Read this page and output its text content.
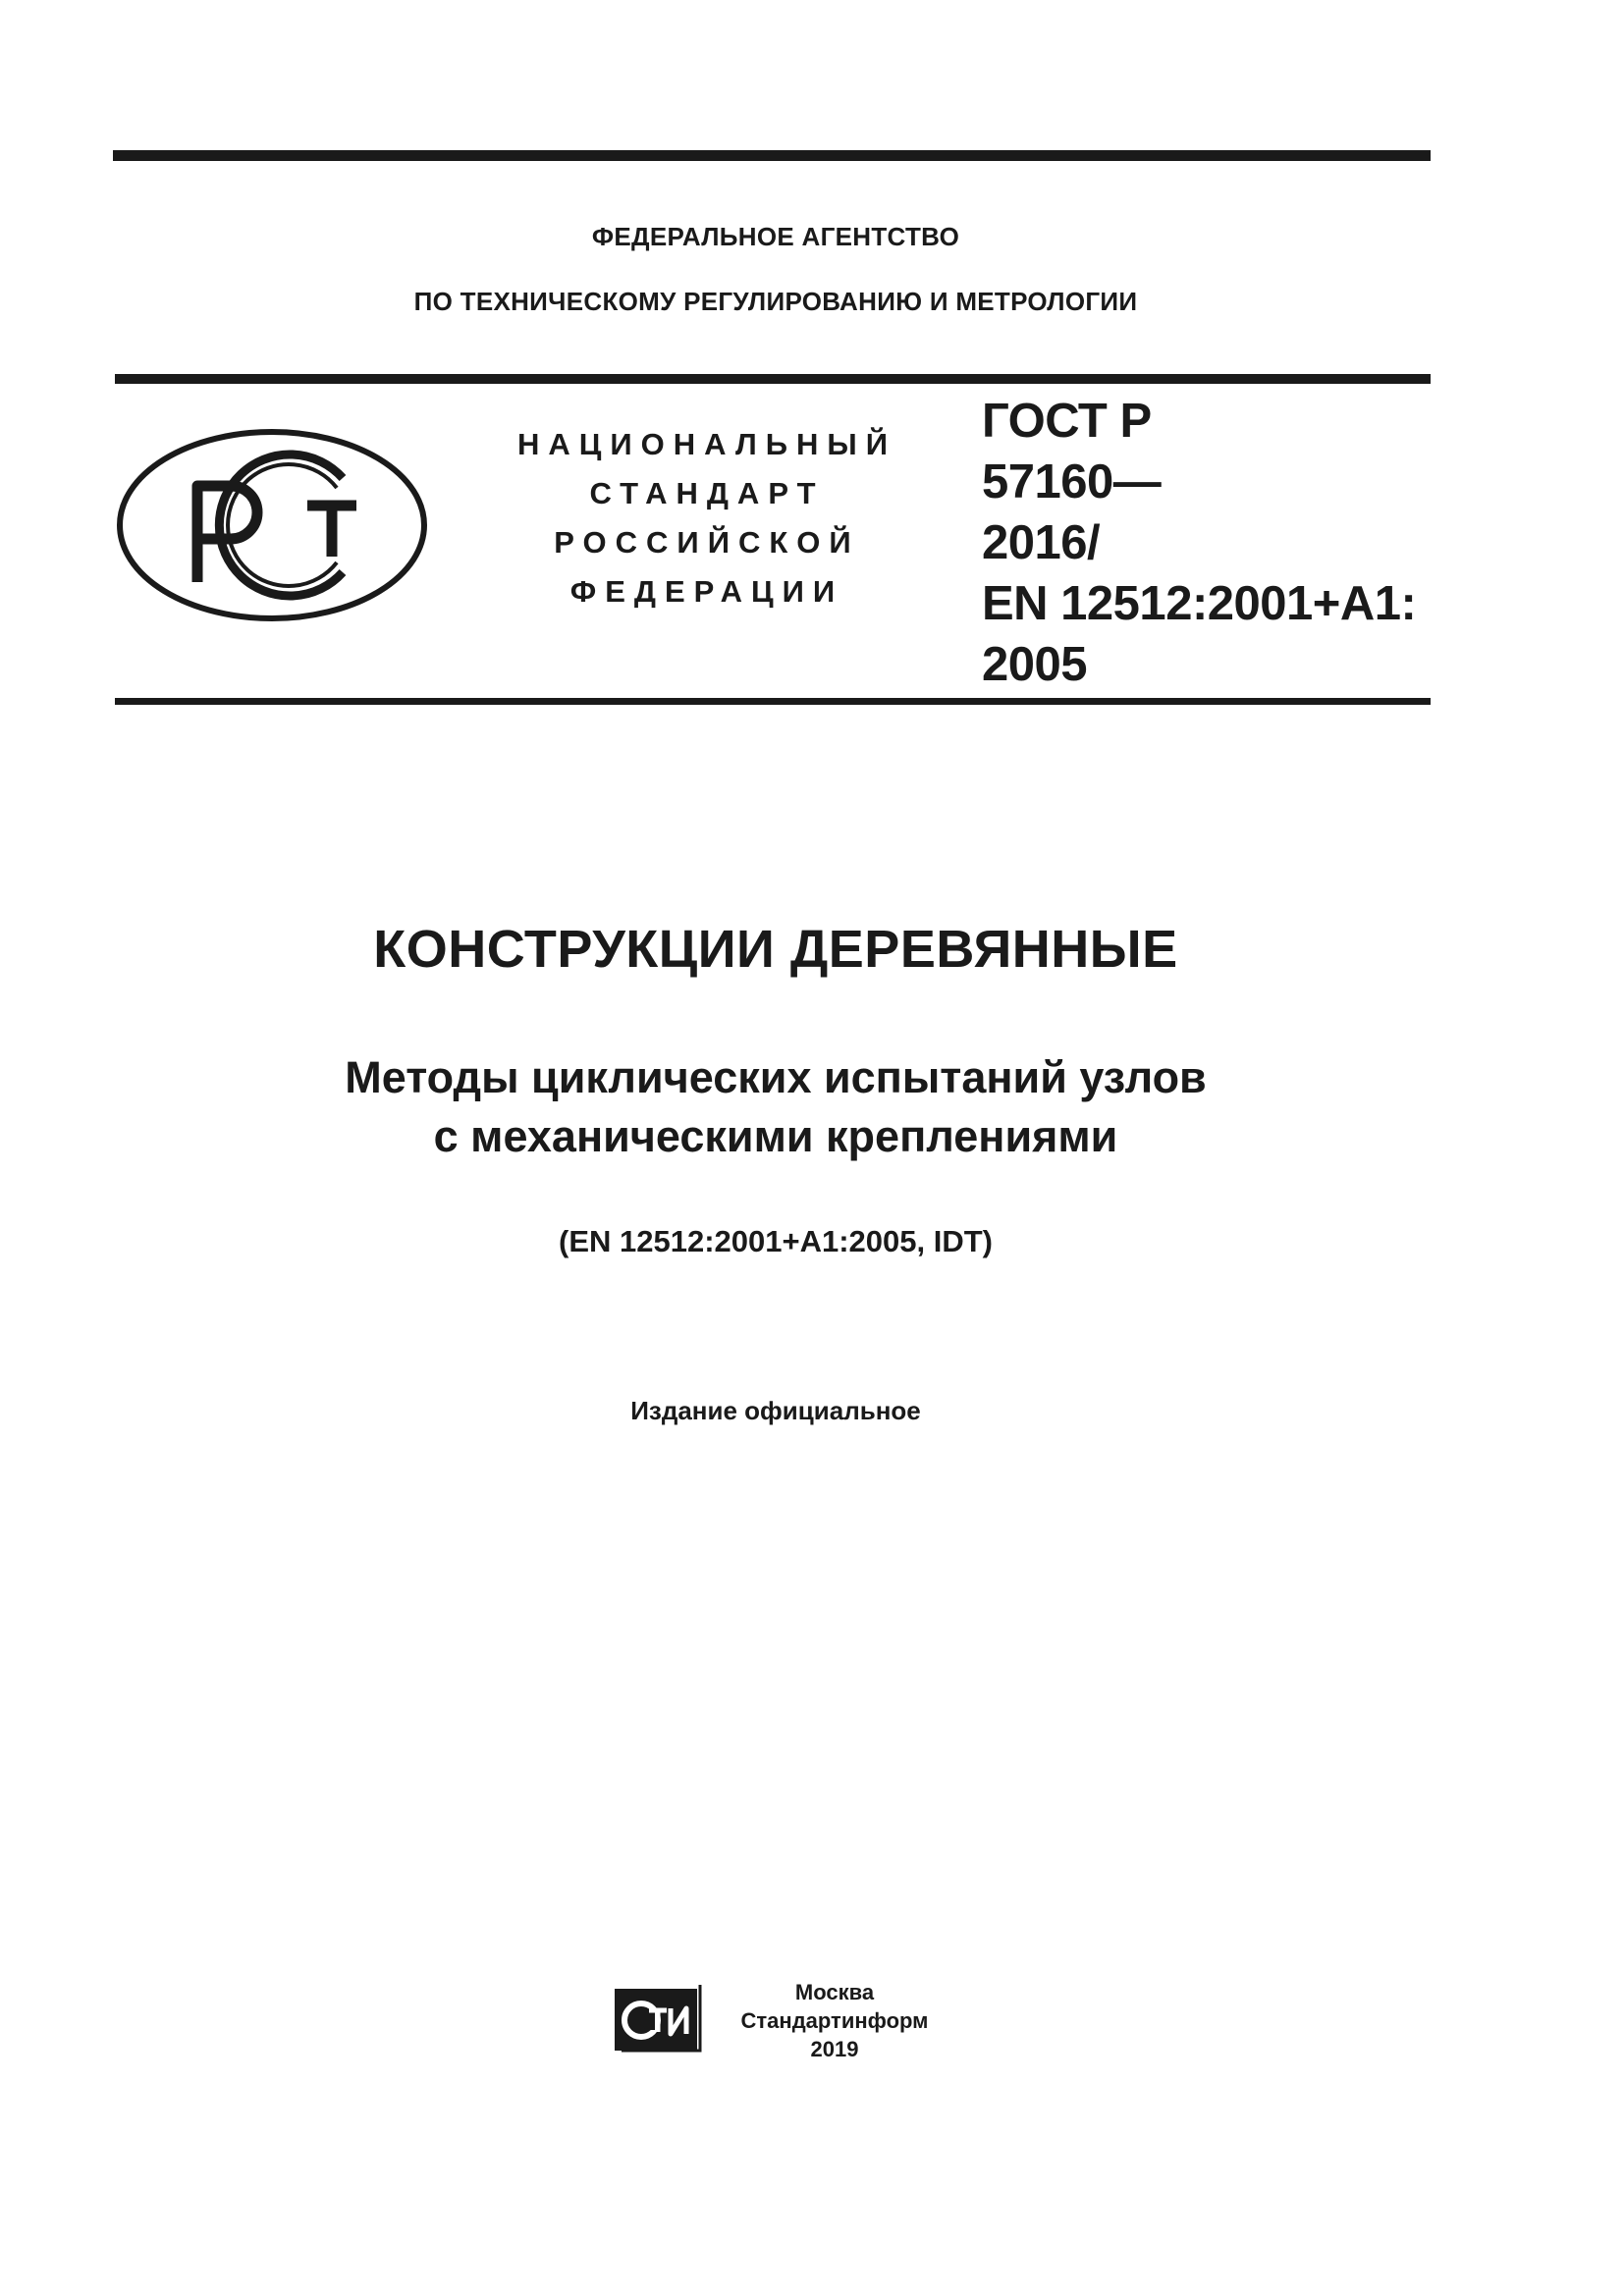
ФЕДЕРАЛЬНОЕ АГЕНТСТВО
ПО ТЕХНИЧЕСКОМУ РЕГУЛИРОВАНИЮ И МЕТРОЛОГИИ
НАЦИОНАЛЬНЫЙ
СТАНДАРТ
РОССИЙСКОЙ
ФЕДЕРАЦИИ
ГОСТ Р
57160—
2016/
EN 12512:2001+А1:
2005
КОНСТРУКЦИИ ДЕРЕВЯННЫЕ
Методы циклических испытаний узлов
с механическими креплениями
(EN 12512:2001+А1:2005, IDT)
Издание официальное
Москва
Стандартинформ
2019
